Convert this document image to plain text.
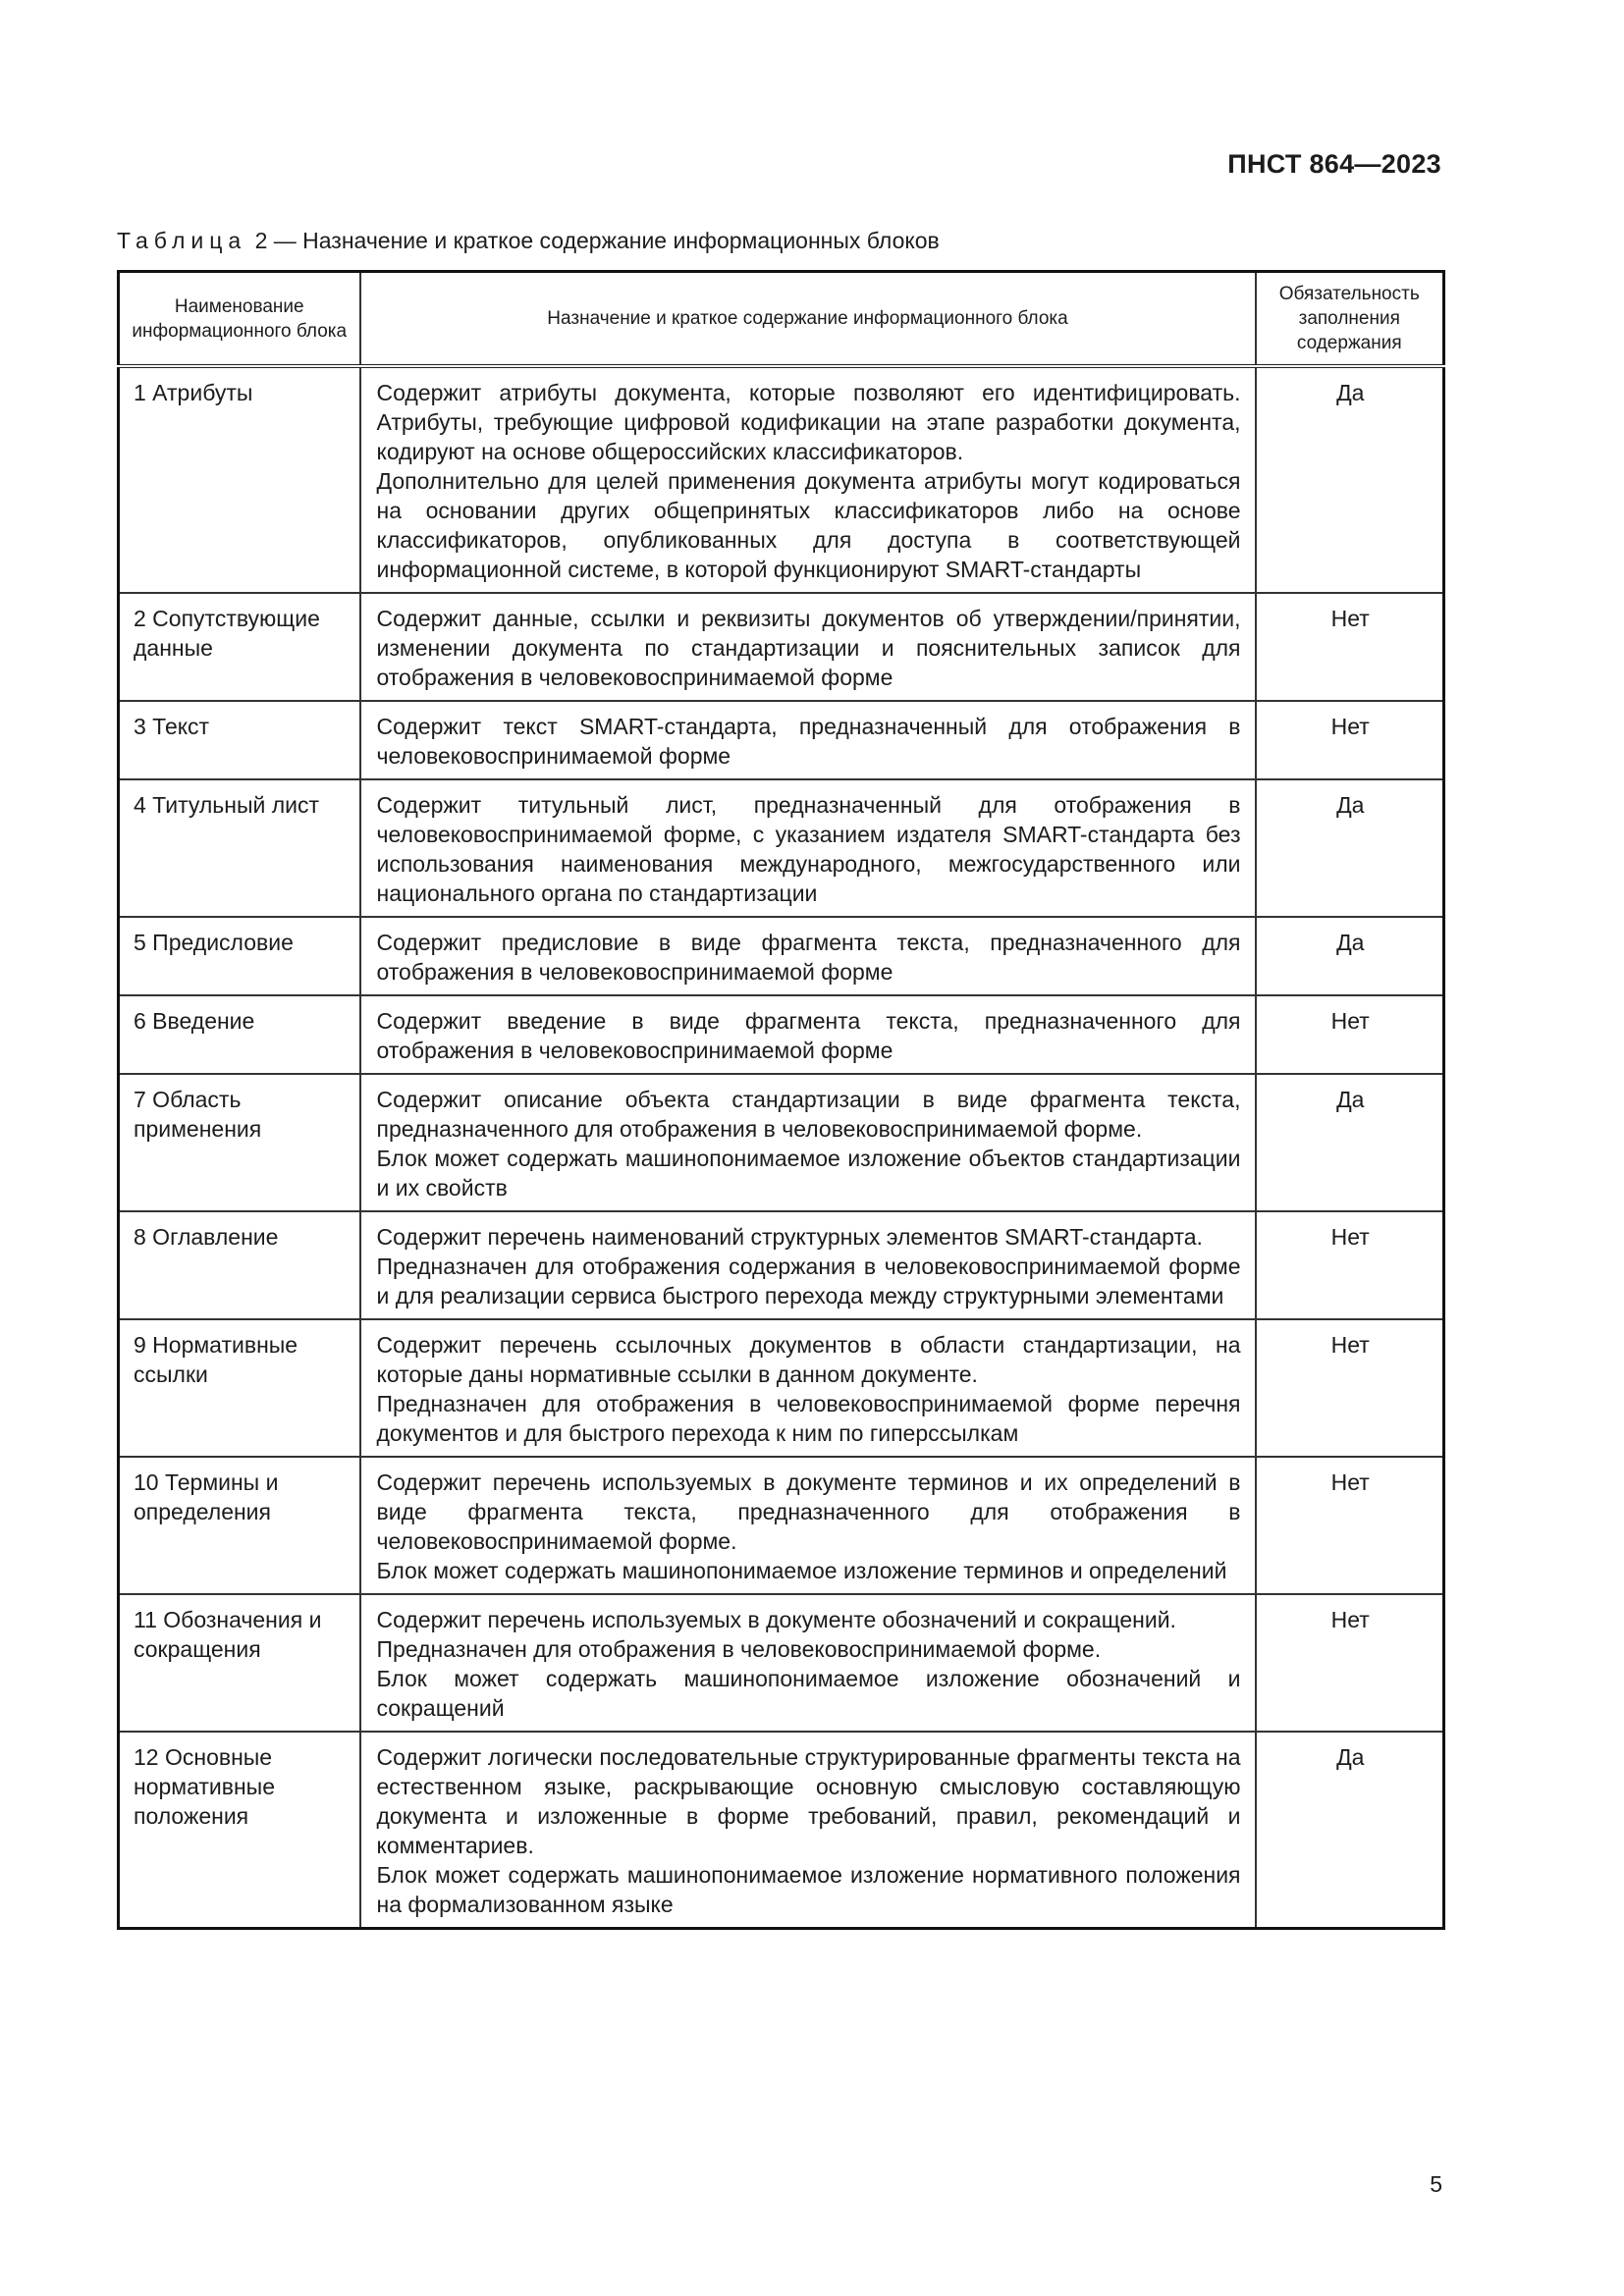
ПНСТ 864—2023
Таблица 2 — Назначение и краткое содержание информационных блоков
Наименование информационного блока	Назначение и краткое содержание информационного блока	Обязательность заполнения содержания
1 Атрибуты	Содержит атрибуты документа, которые позволяют его идентифицировать. Атрибуты, требующие цифровой кодификации на этапе разработки документа, кодируют на основе общероссийских классификаторов.
Дополнительно для целей применения документа атрибуты могут кодироваться на основании других общепринятых классификаторов либо на основе классификаторов, опубликованных для доступа в соответствующей информационной системе, в которой функционируют SMART-стандарты	Да
2 Сопутствующие данные	Содержит данные, ссылки и реквизиты документов об утверждении/принятии, изменении документа по стандартизации и пояснительных записок для отображения в человековоспринимаемой форме	Нет
3 Текст	Содержит текст SMART-стандарта, предназначенный для отображения в человековоспринимаемой форме	Нет
4 Титульный лист	Содержит титульный лист, предназначенный для отображения в человековоспринимаемой форме, с указанием издателя SMART-стандарта без использования наименования международного, межгосударственного или национального органа по стандартизации	Да
5 Предисловие	Содержит предисловие в виде фрагмента текста, предназначенного для отображения в человековоспринимаемой форме	Да
6 Введение	Содержит введение в виде фрагмента текста, предназначенного для отображения в человековоспринимаемой форме	Нет
7 Область применения	Содержит описание объекта стандартизации в виде фрагмента текста, предназначенного для отображения в человековоспринимаемой форме.
Блок может содержать машинопонимаемое изложение объектов стандартизации и их свойств	Да
8 Оглавление	Содержит перечень наименований структурных элементов SMART-стандарта.
Предназначен для отображения содержания в человековоспринимаемой форме и для реализации сервиса быстрого перехода между структурными элементами	Нет
9 Нормативные ссылки	Содержит перечень ссылочных документов в области стандартизации, на которые даны нормативные ссылки в данном документе.
Предназначен для отображения в человековоспринимаемой форме перечня документов и для быстрого перехода к ним по гиперссылкам	Нет
10 Термины и определения	Содержит перечень используемых в документе терминов и их определений в виде фрагмента текста, предназначенного для отображения в человековоспринимаемой форме.
Блок может содержать машинопонимаемое изложение терминов и определений	Нет
11 Обозначения и сокращения	Содержит перечень используемых в документе обозначений и сокращений.
Предназначен для отображения в человековоспринимаемой форме.
Блок может содержать машинопонимаемое изложение обозначений и сокращений	Нет
12 Основные нормативные положения	Содержит логически последовательные структурированные фрагменты текста на естественном языке, раскрывающие основную смысловую составляющую документа и изложенные в форме требований, правил, рекомендаций и комментариев.
Блок может содержать машинопонимаемое изложение нормативного положения на формализованном языке	Да
5
